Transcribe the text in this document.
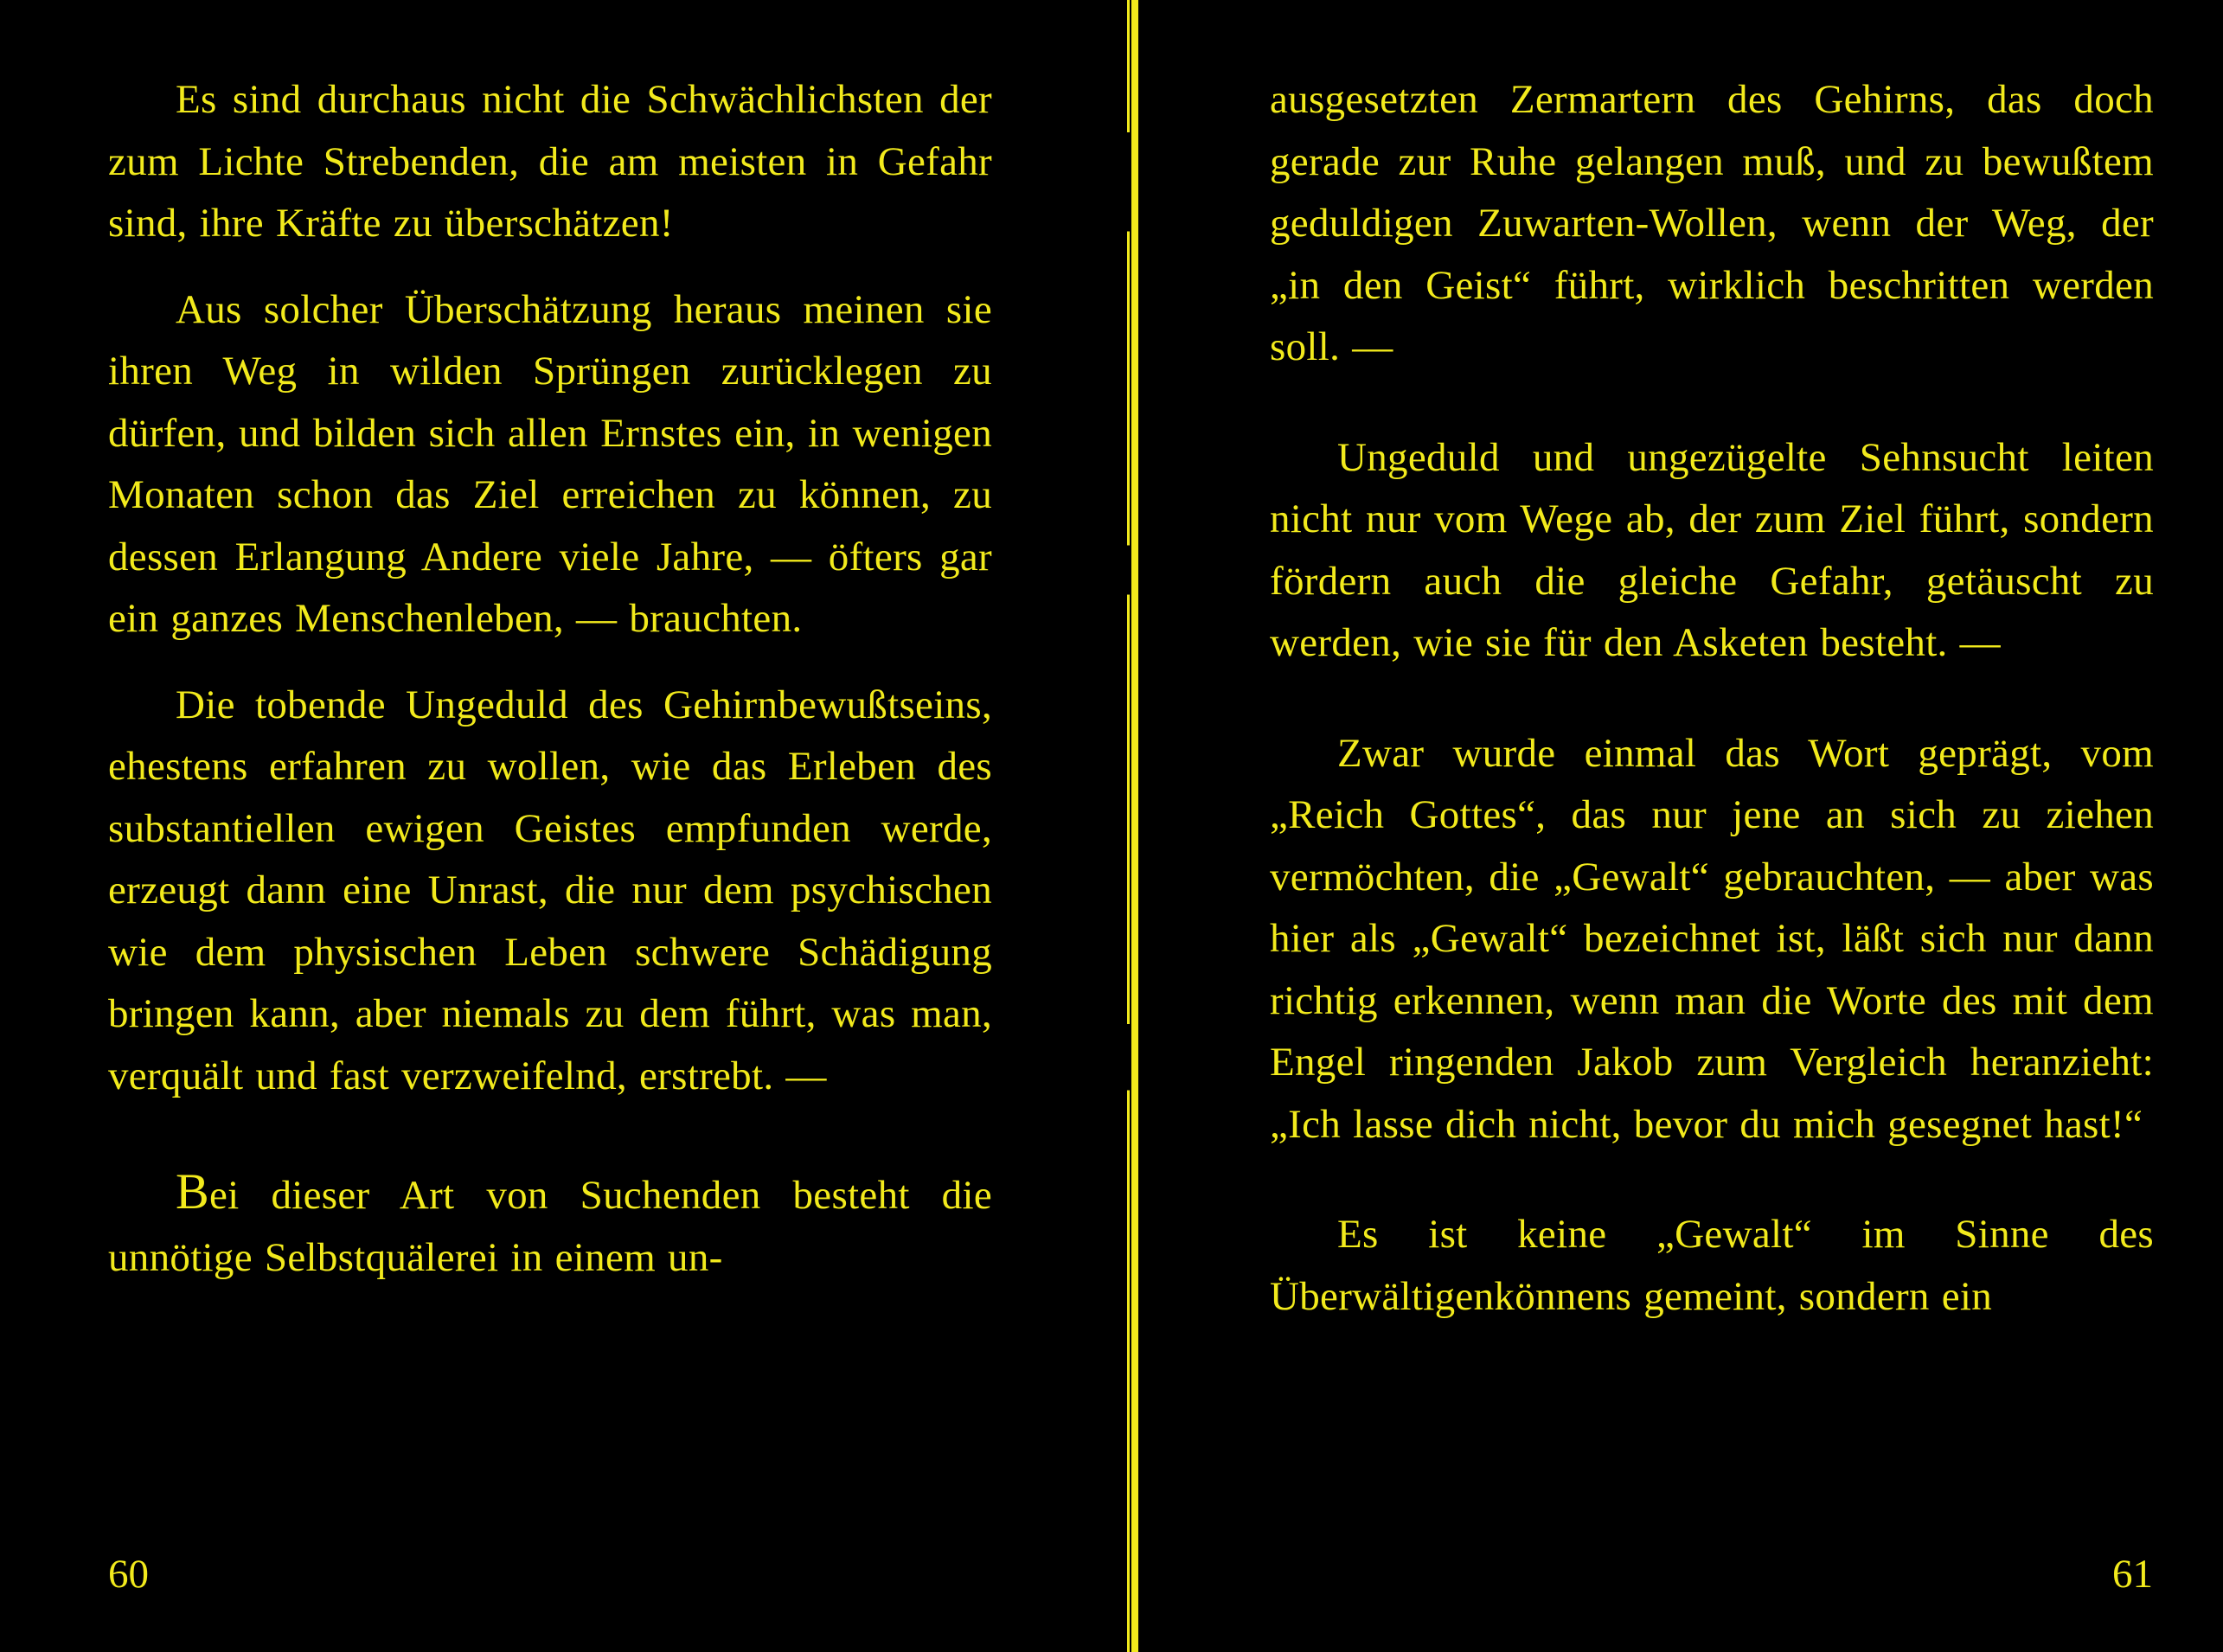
Es sind durchaus nicht die Schwächlichsten der zum Lichte Strebenden, die am meisten in Gefahr sind, ihre Kräfte zu überschätzen!

Aus solcher Überschätzung heraus meinen sie ihren Weg in wilden Sprüngen zurücklegen zu dürfen, und bilden sich allen Ernstes ein, in wenigen Monaten schon das Ziel erreichen zu können, zu dessen Erlangung Andere viele Jahre, — öfters gar ein ganzes Menschenleben, — brauchten.

Die tobende Ungeduld des Gehirnbewußtseins, ehestens erfahren zu wollen, wie das Erleben des substantiellen ewigen Geistes empfunden werde, erzeugt dann eine Unrast, die nur dem psychischen wie dem physischen Leben schwere Schädigung bringen kann, aber niemals zu dem führt, was man, verquält und fast verzweifelnd, erstrebt. —

Bei dieser Art von Suchenden besteht die unnötige Selbstquälerei in einem un-

ausgesetzten Zermartern des Gehirns, das doch gerade zur Ruhe gelangen muß, und zu bewußtem geduldigen Zuwarten-Wollen, wenn der Weg, der „in den Geist“ führt, wirklich beschritten werden soll. —

Ungeduld und ungezügelte Sehnsucht leiten nicht nur vom Wege ab, der zum Ziel führt, sondern fördern auch die gleiche Gefahr, getäuscht zu werden, wie sie für den Asketen besteht. —

Zwar wurde einmal das Wort geprägt, vom „Reich Gottes“, das nur jene an sich zu ziehen vermöchten, die „Gewalt“ gebrauchten, — aber was hier als „Gewalt“ bezeichnet ist, läßt sich nur dann richtig erkennen, wenn man die Worte des mit dem Engel ringenden Jakob zum Vergleich heranzieht: „Ich lasse dich nicht, bevor du mich gesegnet hast!“

Es ist keine „Gewalt“ im Sinne des Überwältigenkönnens gemeint, sondern ein

60	61
